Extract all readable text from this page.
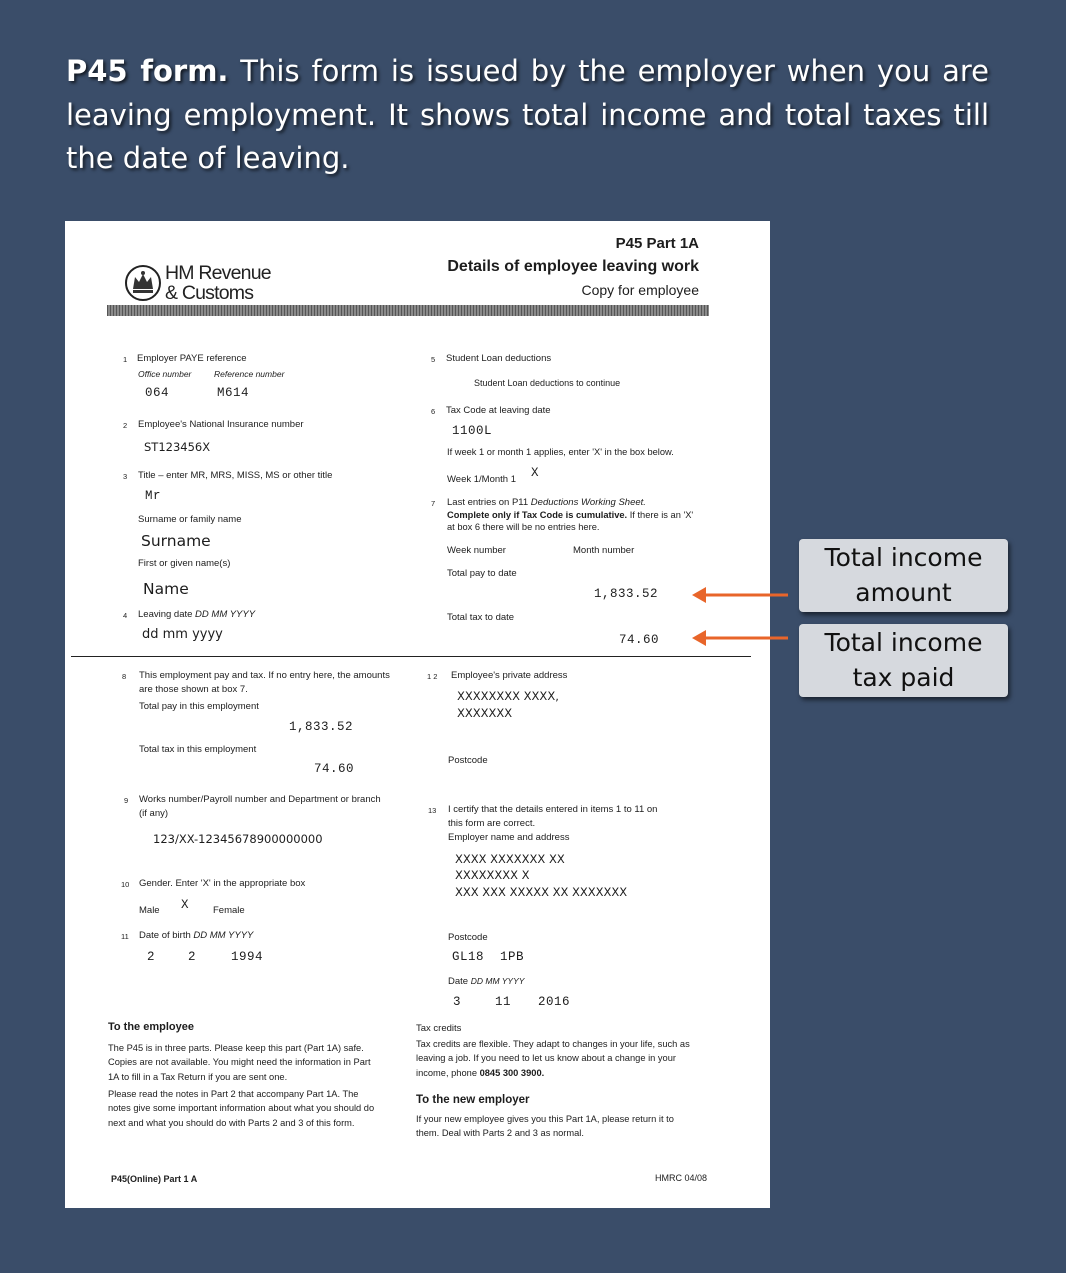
P45 form. This form is issued by the employer when you are leaving employment. It shows total income and total taxes till the date of leaving.
HM Revenue
& Customs
P45 Part 1A
Details of employee leaving work
Copy for employee
1 Employer PAYE reference
Office number	Reference number
064	M614
2 Employee's National Insurance number
ST123456X
3 Title – enter MR, MRS, MISS, MS or other title
Mr
Surname or family name
Surname
First or given name(s)
Name
4 Leaving date DD MM YYYY
dd mm yyyy
5 Student Loan deductions
Student Loan deductions to continue
6 Tax Code at leaving date
1100L
If week 1 or month 1 applies, enter 'X' in the box below.
Week 1/Month 1 X
7 Last entries on P11 Deductions Working Sheet.
Complete only if Tax Code is cumulative. If there is an 'X'
at box 6 there will be no entries here.
Week number	Month number
Total pay to date
1,833.52
Total tax to date
74.60
8 This employment pay and tax. If no entry here, the amounts
are those shown at box 7.
Total pay in this employment
1,833.52
Total tax in this employment
74.60
9 Works number/Payroll number and Department or branch
(if any)
123/XX-12345678900000000
10 Gender. Enter 'X' in the appropriate box
Male X	Female
11 Date of birth DD MM YYYY
2	2	1994
1 2 Employee's private address
XXXXXXXX XXXX,
XXXXXXX
Postcode
13 I certify that the details entered in items 1 to 11 on
this form are correct.
Employer name and address
XXXX XXXXXXX XX
XXXXXXXX X
XXX XXX XXXXX XX XXXXXXX
Postcode
GL18  1PB
Date DD MM YYYY
3	11 2016
To the employee
The P45 is in three parts. Please keep this part (Part 1A) safe. Copies are not available. You might need the information in Part 1A to fill in a Tax Return if you are sent one.
Please read the notes in Part 2 that accompany Part 1A. The notes give some important information about what you should do next and what you should do with Parts 2 and 3 of this form.
Tax credits
Tax credits are flexible. They adapt to changes in your life, such as leaving a job. If you need to let us know about a change in your income, phone 0845 300 3900.
To the new employer
If your new employee gives you this Part 1A, please return it to them. Deal with Parts 2 and 3 as normal.
P45(Online) Part 1 A	HMRC 04/08
Total income
amount
Total income
tax paid
